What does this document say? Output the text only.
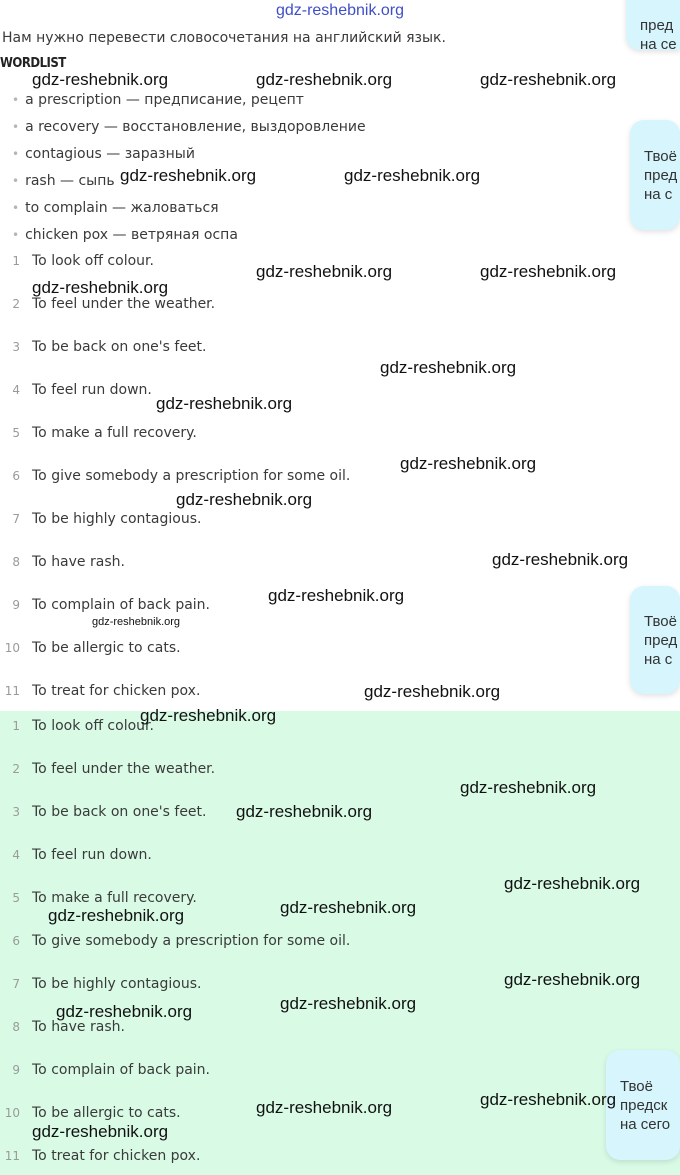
gdz-reshebnik.org
Нам нужно перевести словосочетания на английский язык.
WORDLIST
• a prescription — предписание, рецепт
• a recovery — восстановление, выздоровление
• contagious — заразный
• rash — сыпь
• to complain — жаловаться
• chicken pox — ветряная оспа
1 To look off colour.
2 To feel under the weather.
3 To be back on one's feet.
4 To feel run down.
5 To make a full recovery.
6 To give somebody a prescription for some oil.
7 To be highly contagious.
8 To have rash.
9 To complain of back pain.
10 To be allergic to cats.
11 To treat for chicken pox.
1 To look off colour.
2 To feel under the weather.
3 To be back on one's feet.
4 To feel run down.
5 To make a full recovery.
6 To give somebody a prescription for some oil.
7 To be highly contagious.
8 To have rash.
9 To complain of back pain.
10 To be allergic to cats.
11 To treat for chicken pox.
пред
на се
Твоё
пред
на с
Твоё
пред
на с
Твоё
предск
на сего
gdz-reshebnik.org	gdz-reshebnik.org	gdz-reshebnik.org
gdz-reshebnik.org	gdz-reshebnik.org
gdz-reshebnik.org	gdz-reshebnik.org
gdz-reshebnik.org
gdz-reshebnik.org
gdz-reshebnik.org
gdz-reshebnik.org
gdz-reshebnik.org
gdz-reshebnik.org
gdz-reshebnik.org
gdz-reshebnik.org
gdz-reshebnik.org
gdz-reshebnik.org
gdz-reshebnik.org
gdz-reshebnik.org
gdz-reshebnik.org
gdz-reshebnik.org
gdz-reshebnik.org
gdz-reshebnik.org
gdz-reshebnik.org
gdz-reshebnik.org
gdz-reshebnik.org
gdz-reshebnik.org
gdz-reshebnik.org
